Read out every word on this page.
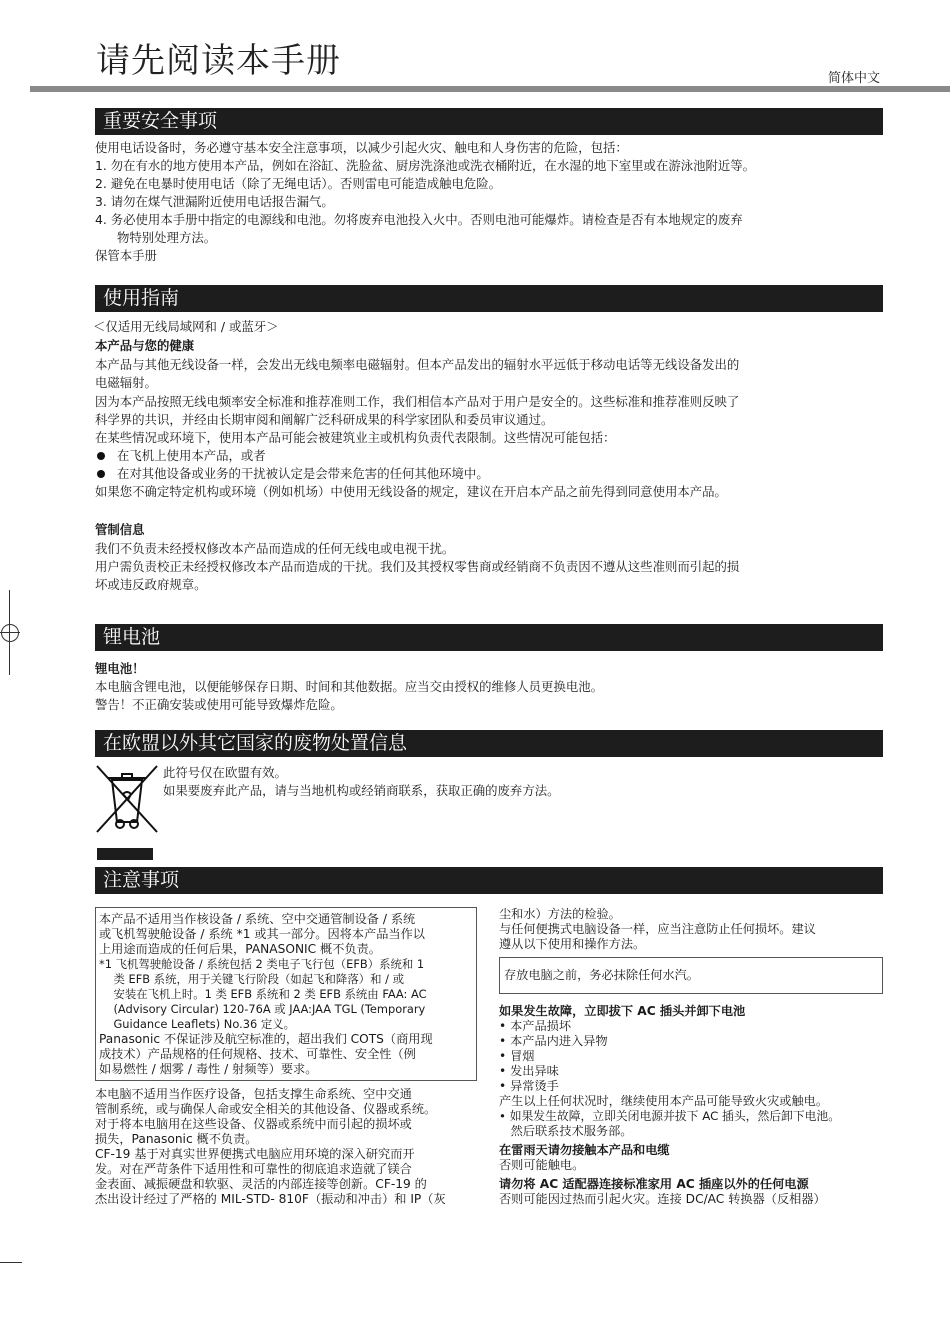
请先阅读本手册	简体中文
重要安全事项
使用电话设备时，务必遵守基本安全注意事项，以减少引起火灾、触电和人身伤害的危险，包括：
1. 勿在有水的地方使用本产品，例如在浴缸、洗脸盆、厨房洗涤池或洗衣桶附近，在水湿的地下室里或在游泳池附近等。
2. 避免在电暴时使用电话（除了无绳电话）。否则雷电可能造成触电危险。
3. 请勿在煤气泄漏附近使用电话报告漏气。
4. 务必使用本手册中指定的电源线和电池。勿将废弃电池投入火中。否则电池可能爆炸。请检查是否有本地规定的废弃
物特别处理方法。
保管本手册
使用指南
＜仅适用无线局域网和 / 或蓝牙＞
本产品与您的健康
本产品与其他无线设备一样，会发出无线电频率电磁辐射。但本产品发出的辐射水平远低于移动电话等无线设备发出的
电磁辐射。
因为本产品按照无线电频率安全标准和推荐准则工作，我们相信本产品对于用户是安全的。这些标准和推荐准则反映了
科学界的共识，并经由长期审阅和阐解广泛科研成果的科学家团队和委员审议通过。
在某些情况或环境下，使用本产品可能会被建筑业主或机构负责代表限制。这些情况可能包括：
在飞机上使用本产品，或者
在对其他设备或业务的干扰被认定是会带来危害的任何其他环境中。
如果您不确定特定机构或环境（例如机场）中使用无线设备的规定，建议在开启本产品之前先得到同意使用本产品。
管制信息
我们不负责未经授权修改本产品而造成的任何无线电或电视干扰。
用户需负责校正未经授权修改本产品而造成的干扰。我们及其授权零售商或经销商不负责因不遵从这些准则而引起的损
坏或违反政府规章。
锂电池
锂电池！
本电脑含锂电池，以便能够保存日期、时间和其他数据。应当交由授权的维修人员更换电池。
警告！不正确安装或使用可能导致爆炸危险。
在欧盟以外其它国家的废物处置信息
此符号仅在欧盟有效。
如果要废弃此产品，请与当地机构或经销商联系，获取正确的废弃方法。
注意事项
本产品不适用当作核设备 / 系统、空中交通管制设备 / 系统
或飞机驾驶舱设备 / 系统 *1 或其一部分。因将本产品当作以
上用途而造成的任何后果，PANASONIC 概不负责。
*1 飞机驾驶舱设备 / 系统包括 2 类电子飞行包（EFB）系统和 1
类 EFB 系统，用于关键飞行阶段（如起飞和降落）和 / 或
安装在飞机上时。1 类 EFB 系统和 2 类 EFB 系统由 FAA: AC
(Advisory Circular) 120-76A 或 JAA:JAA TGL (Temporary
Guidance Leaflets) No.36 定义。
Panasonic 不保证涉及航空标准的，超出我们 COTS（商用现
成技术）产品规格的任何规格、技术、可靠性、安全性（例
如易燃性 / 烟雾 / 毒性 / 射频等）要求。
本电脑不适用当作医疗设备，包括支撑生命系统、空中交通
管制系统，或与确保人命或安全相关的其他设备、仪器或系统。
对于将本电脑用在这些设备、仪器或系统中而引起的损坏或
损失，Panasonic 概不负责。
CF-19 基于对真实世界便携式电脑应用环境的深入研究而开
发。对在严苛条件下适用性和可靠性的彻底追求造就了镁合
金表面、减振硬盘和软驱、灵活的内部连接等创新。CF-19 的
杰出设计经过了严格的 MIL-STD- 810F（振动和冲击）和 IP（灰
尘和水）方法的检验。
与任何便携式电脑设备一样，应当注意防止任何损坏。建议
遵从以下使用和操作方法。
存放电脑之前，务必抹除任何水汽。
如果发生故障，立即拔下 AC 插头并卸下电池
• 本产品损坏
• 本产品内进入异物
• 冒烟
• 发出异味
• 异常烫手
产生以上任何状况时，继续使用本产品可能导致火灾或触电。
• 如果发生故障，立即关闭电源并拔下 AC 插头，然后卸下电池。
然后联系技术服务部。
在雷雨天请勿接触本产品和电缆
否则可能触电。
请勿将 AC 适配器连接标准家用 AC 插座以外的任何电源
否则可能因过热而引起火灾。连接 DC/AC 转换器（反相器）
